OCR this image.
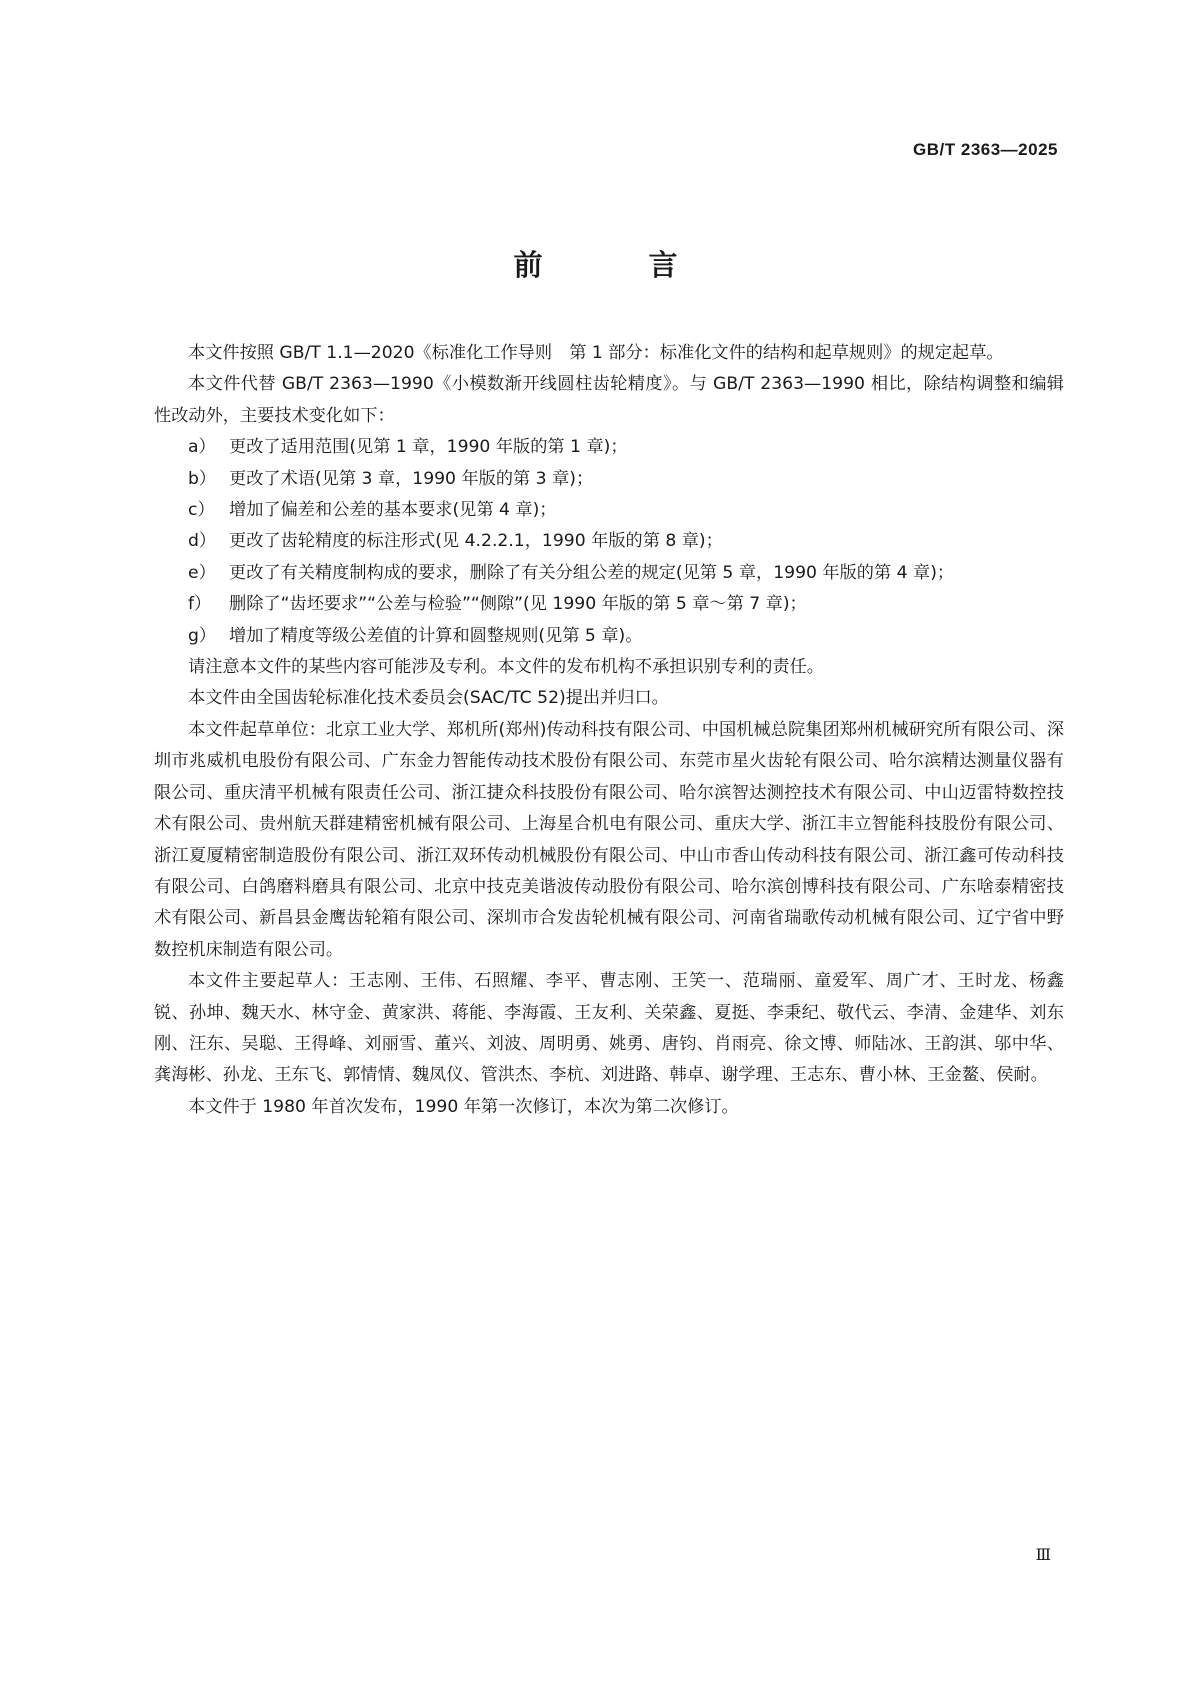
GB/T 2363—2025
前 言

本文件按照 GB/T 1.1—2020《标准化工作导则　第 1 部分：标准化文件的结构和起草规则》的规定起草。

本文件代替 GB/T 2363—1990《小模数渐开线圆柱齿轮精度》。与 GB/T 2363—1990 相比，除结构调整和编辑性改动外，主要技术变化如下：

a） 更改了适用范围(见第 1 章，1990 年版的第 1 章)；
b） 更改了术语(见第 3 章，1990 年版的第 3 章)；
c） 增加了偏差和公差的基本要求(见第 4 章)；
d） 更改了齿轮精度的标注形式(见 4.2.2.1，1990 年版的第 8 章)；
e） 更改了有关精度制构成的要求，删除了有关分组公差的规定(见第 5 章，1990 年版的第 4 章)；
f）	删除了“齿坯要求”“公差与检验”“侧隙”(见 1990 年版的第 5 章～第 7 章)；
g） 增加了精度等级公差值的计算和圆整规则(见第 5 章)。

请注意本文件的某些内容可能涉及专利。本文件的发布机构不承担识别专利的责任。

本文件由全国齿轮标准化技术委员会(SAC/TC 52)提出并归口。

本文件起草单位：北京工业大学、郑机所(郑州)传动科技有限公司、中国机械总院集团郑州机械研究所有限公司、深圳市兆威机电股份有限公司、广东金力智能传动技术股份有限公司、东莞市星火齿轮有限公司、哈尔滨精达测量仪器有限公司、重庆清平机械有限责任公司、浙江捷众科技股份有限公司、哈尔滨智达测控技术有限公司、中山迈雷特数控技术有限公司、贵州航天群建精密机械有限公司、上海星合机电有限公司、重庆大学、浙江丰立智能科技股份有限公司、浙江夏厦精密制造股份有限公司、浙江双环传动机械股份有限公司、中山市香山传动科技有限公司、浙江鑫可传动科技有限公司、白鸽磨料磨具有限公司、北京中技克美谐波传动股份有限公司、哈尔滨创博科技有限公司、广东啥泰精密技术有限公司、新昌县金鹰齿轮箱有限公司、深圳市合发齿轮机械有限公司、河南省瑞歌传动机械有限公司、辽宁省中野数控机床制造有限公司。

本文件主要起草人：王志刚、王伟、石照耀、李平、曹志刚、王笑一、范瑞丽、童爱军、周广才、王时龙、杨鑫锐、孙坤、魏天水、林守金、黄家洪、蒋能、李海霞、王友利、关荣鑫、夏挺、李秉纪、敬代云、李清、金建华、刘东刚、汪东、吴聪、王得峰、刘丽雪、董兴、刘波、周明勇、姚勇、唐钧、肖雨亮、徐文博、师陆冰、王韵淇、邬中华、龚海彬、孙龙、王东飞、郭情情、魏凤仪、管洪杰、李杭、刘进路、韩卓、谢学理、王志东、曹小林、王金鳌、侯耐。

本文件于 1980 年首次发布，1990 年第一次修订，本次为第二次修订。

Ⅲ
